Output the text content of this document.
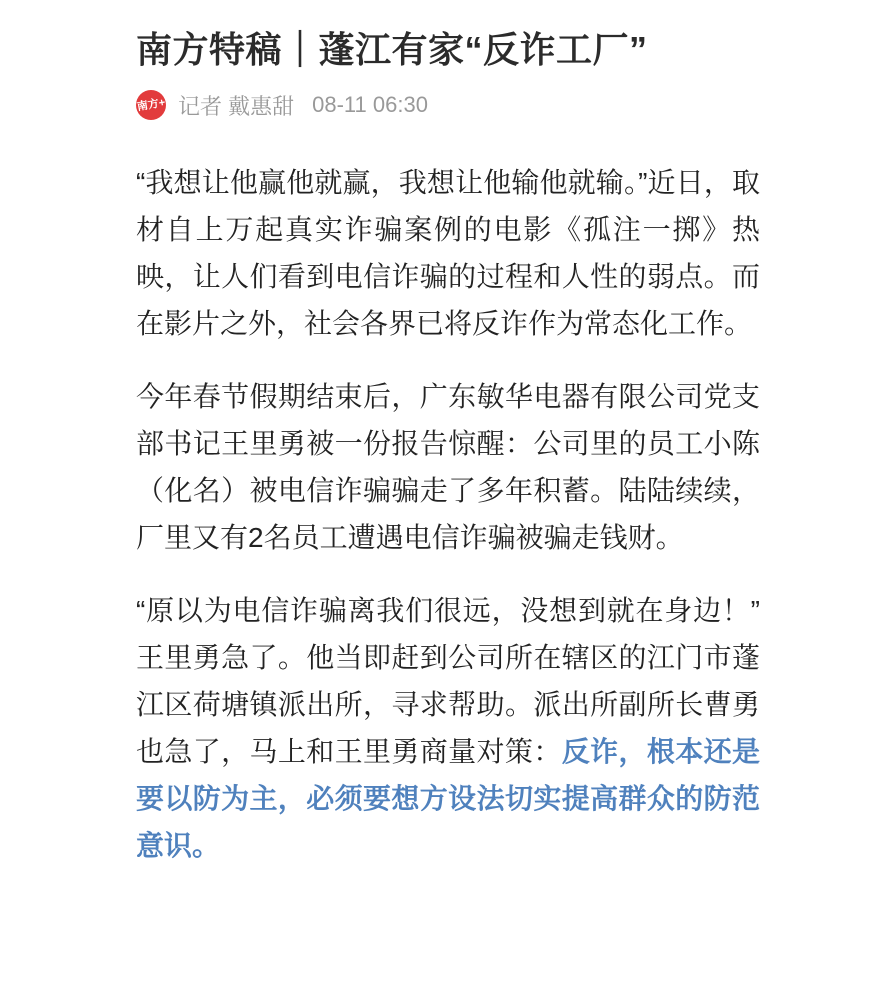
南方特稿｜蓬江有家“反诈工厂”
南方+ 记者 戴惠甜 08-11 06:30

“我想让他赢他就赢，我想让他输他就输。”近日，取材自上万起真实诈骗案例的电影《孤注一掷》热映，让人们看到电信诈骗的过程和人性的弱点。而在影片之外，社会各界已将反诈作为常态化工作。

今年春节假期结束后，广东敏华电器有限公司党支部书记王里勇被一份报告惊醒：公司里的员工小陈（化名）被电信诈骗骗走了多年积蓄。陆陆续续，厂里又有2名员工遭遇电信诈骗被骗走钱财。

“原以为电信诈骗离我们很远，没想到就在身边！”王里勇急了。他当即赶到公司所在辖区的江门市蓬江区荷塘镇派出所，寻求帮助。派出所副所长曹勇也急了，马上和王里勇商量对策：反诈，根本还是要以防为主，必须要想方设法切实提高群众的防范意识。
